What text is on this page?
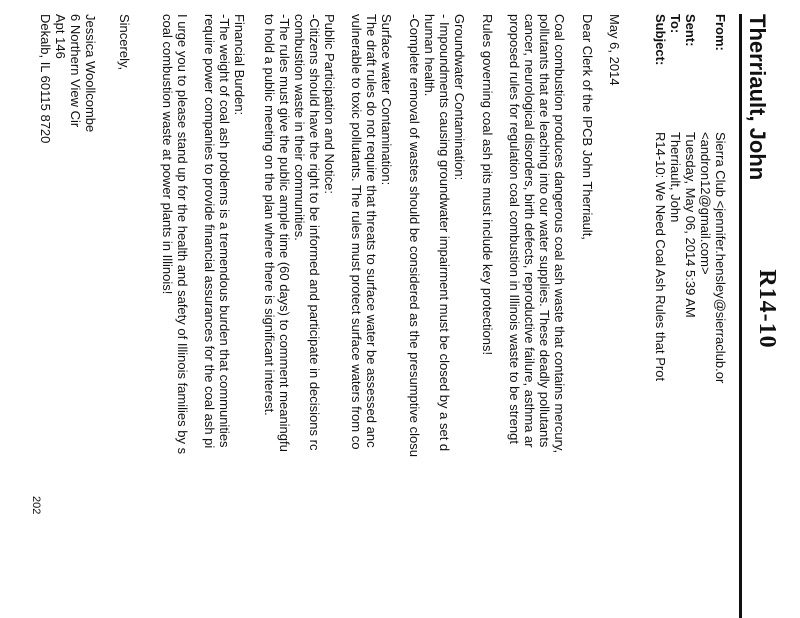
R14-10
Therriault, John
From:
Sierra Club <jennifer.hensley@sierraclub.or
<andron12@gmail.com>
Sent:
Tuesday, May 06, 2014 5:39 AM
To:
Therriault, John
Subject:
R14-10: We Need Coal Ash Rules that Prot
May 6, 2014
Dear Clerk of the IPCB John Therriault,
Coal combustion produces dangerous coal ash waste that contains mercury,
pollutants that are leaching into our water supplies. These deadly pollutants
cancer, neurological disorders, birth defects, reproductive failure, asthma ar
proposed rules for regulation coal combustion in Illinois waste to be strengt
Rules governing coal ash pits must include key protections!
Groundwater Contamination:
- Impoundments causing groundwater impairment must be closed by a set d
human health.
-Complete removal of wastes should be considered as the presumptive closu
Surface water Contamination:
The draft rules do not require that threats to surface water be assessed anc
vulnerable to toxic pollutants. The rules must protect surface waters from co
Public Participation and Notice:
-Citizens should have the right to be informed and participate in decisions rc
combustion waste in their communities.
-The rules must give the public ample time (60 days) to comment meaningfu
to hold a public meeting on the plan where there is significant interest.
Financial Burden:
-The weight of coal ash problems is a tremendous burden that communities
require power companies to provide financial assurances for the coal ash pi
I urge you to please stand up for the health and safety of Illinois families by s
coal combustion waste at power plants in Illinois!
Sincerely,
Jessica Woollcombe
6 Northern View Cir
Apt 146
Dekalb, IL 60115 8720
202
